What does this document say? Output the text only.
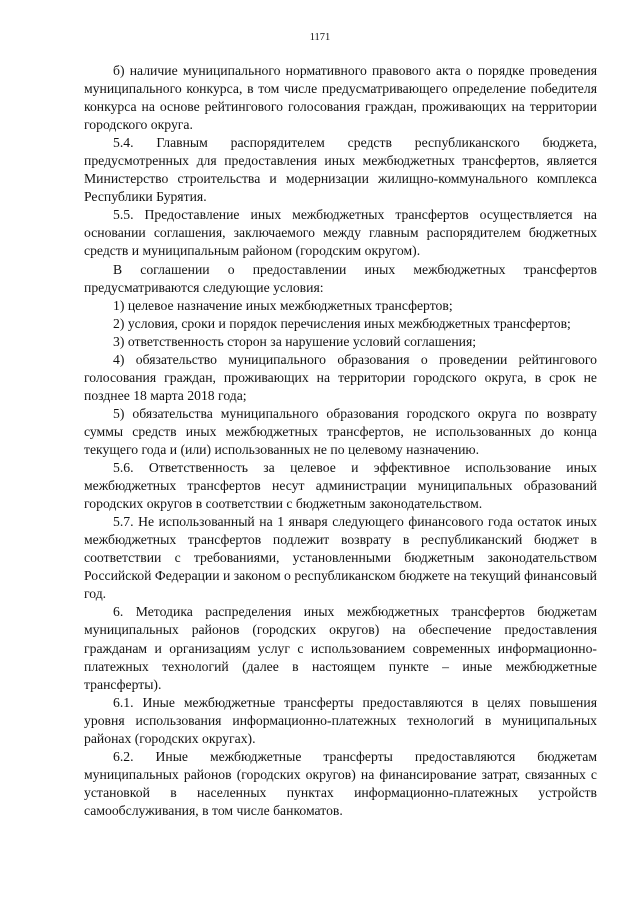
1171

б) наличие муниципального нормативного правового акта о порядке проведения муниципального конкурса, в том числе предусматривающего определение победителя конкурса на основе рейтингового голосования граждан, проживающих на территории городского округа.

5.4. Главным распорядителем средств республиканского бюджета, предусмотренных для предоставления иных межбюджетных трансфертов, является Министерство строительства и модернизации жилищно-коммунального комплекса Республики Бурятия.

5.5. Предоставление иных межбюджетных трансфертов осуществляется на основании соглашения, заключаемого между главным распорядителем бюджетных средств и муниципальным районом (городским округом).

В соглашении о предоставлении иных межбюджетных трансфертов предусматриваются следующие условия:

1) целевое назначение иных межбюджетных трансфертов;

2) условия, сроки и порядок перечисления иных межбюджетных трансфертов;

3) ответственность сторон за нарушение условий соглашения;

4) обязательство муниципального образования о проведении рейтингового голосования граждан, проживающих на территории городского округа, в срок не позднее 18 марта 2018 года;

5) обязательства муниципального образования городского округа по возврату суммы средств иных межбюджетных трансфертов, не использованных до конца текущего года и (или) использованных не по целевому назначению.

5.6. Ответственность за целевое и эффективное использование иных межбюджетных трансфертов несут администрации муниципальных образований городских округов в соответствии с бюджетным законодательством.

5.7. Не использованный на 1 января следующего финансового года остаток иных межбюджетных трансфертов подлежит возврату в республиканский бюджет в соответствии с требованиями, установленными бюджетным законодательством Российской Федерации и законом о республиканском бюджете на текущий финансовый год.

6. Методика распределения иных межбюджетных трансфертов бюджетам муниципальных районов (городских округов) на обеспечение предоставления гражданам и организациям услуг с использованием современных информационно-платежных технологий (далее в настоящем пункте – иные межбюджетные трансферты).

6.1. Иные межбюджетные трансферты предоставляются в целях повышения уровня использования информационно-платежных технологий в муниципальных районах (городских округах).

6.2. Иные межбюджетные трансферты предоставляются бюджетам муниципальных районов (городских округов) на финансирование затрат, связанных с установкой в населенных пунктах информационно-платежных устройств самообслуживания, в том числе банкоматов.
